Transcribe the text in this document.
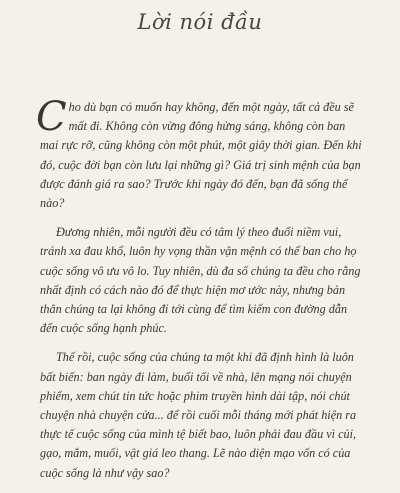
Lời nói đầu

Cho dù bạn có muốn hay không, đến một ngày, tất cả đều sẽ mất đi. Không còn vừng đông hửng sáng, không còn ban mai rực rỡ, cũng không còn một phút, một giây thời gian. Đến khi đó, cuộc đời bạn còn lưu lại những gì? Giá trị sinh mệnh của bạn được đánh giá ra sao? Trước khi ngày đó đến, bạn đã sống thế nào?

Đương nhiên, mỗi người đều có tâm lý theo đuổi niềm vui, tránh xa đau khổ, luôn hy vọng thần vận mệnh có thể ban cho họ cuộc sống vô ưu vô lo. Tuy nhiên, dù đa số chúng ta đều cho rằng nhất định có cách nào đó để thực hiện mơ ước này, nhưng bản thân chúng ta lại không đi tới cùng để tìm kiếm con đường dẫn đến cuộc sống hạnh phúc.

Thế rồi, cuộc sống của chúng ta một khi đã định hình là luôn bất biến: ban ngày đi làm, buổi tối về nhà, lên mạng nói chuyện phiếm, xem chút tin tức hoặc phim truyền hình dài tập, nói chút chuyện nhà chuyện cửa... để rồi cuối mỗi tháng mới phát hiện ra thực tế cuộc sống của mình tệ biết bao, luôn phải đau đầu vì củi, gạo, mắm, muối, vật giá leo thang. Lẽ nào diện mạo vốn có của cuộc sống là như vậy sao?
